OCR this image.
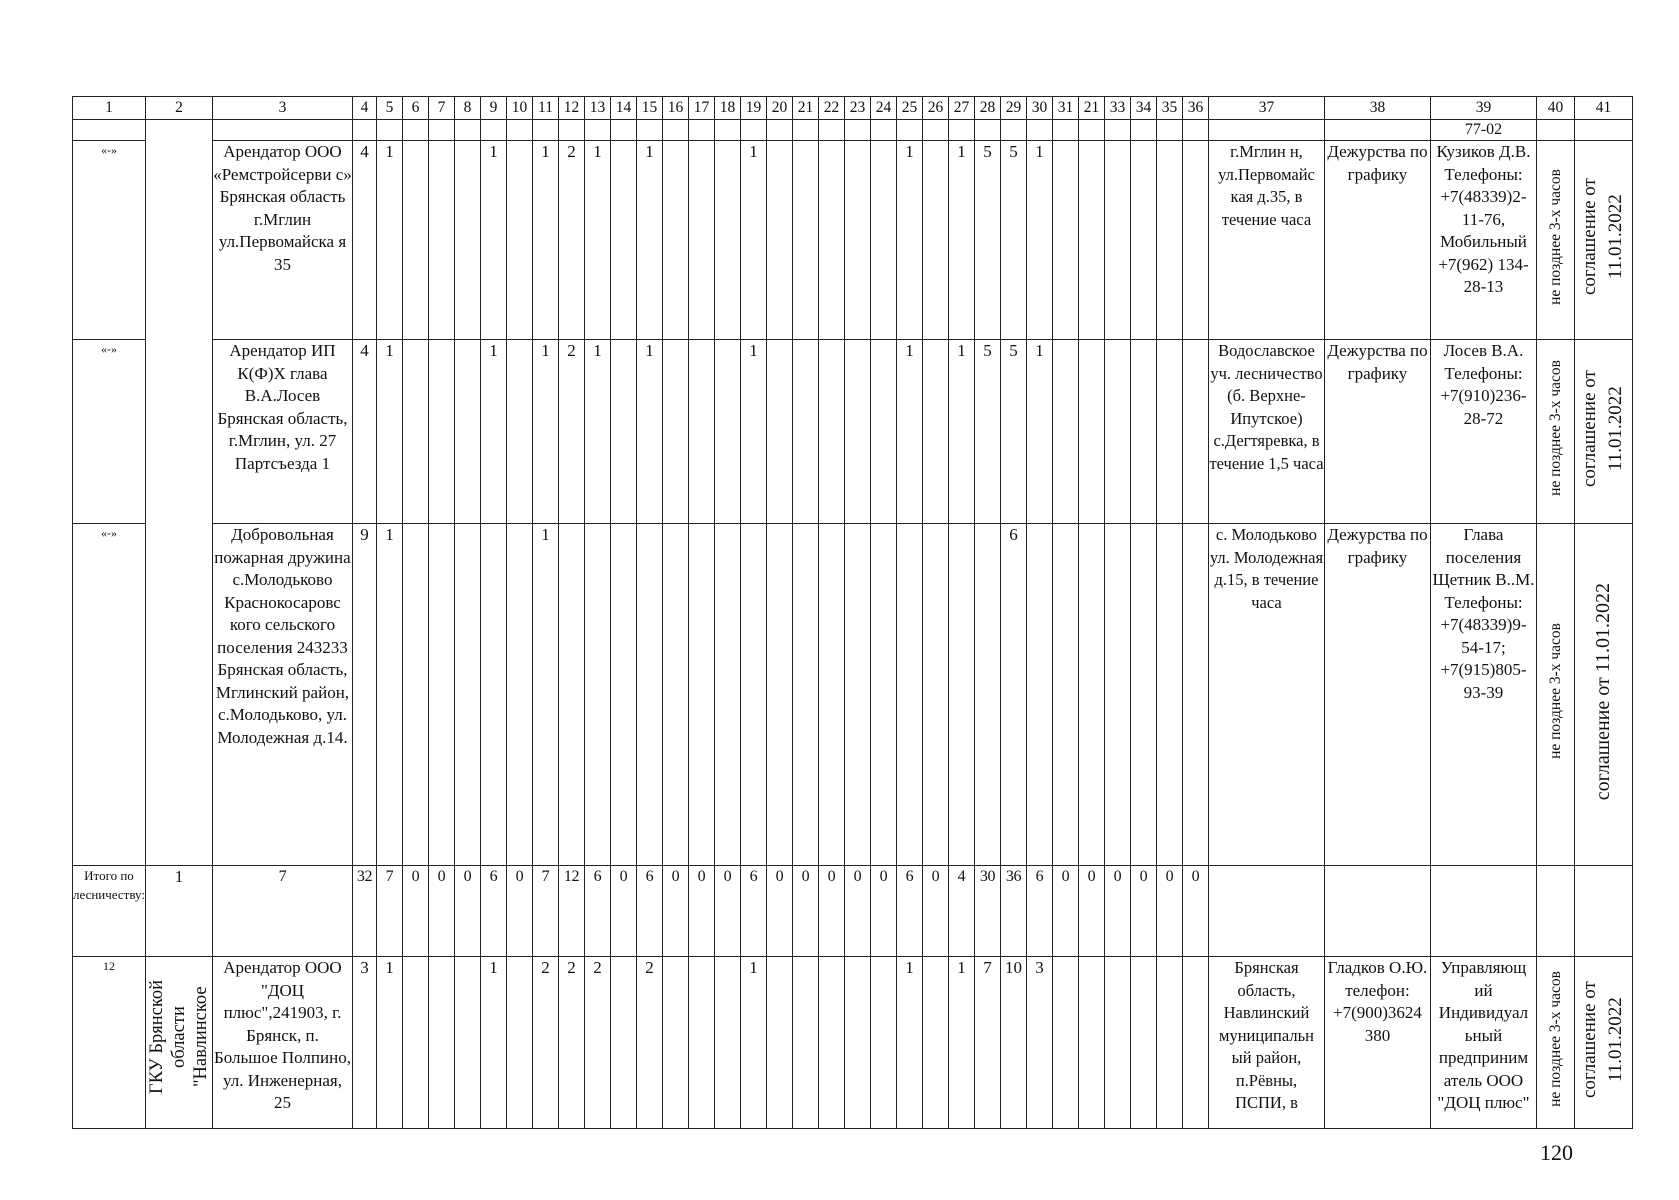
1	2	3	4	5	6	7	8	9	10	11	12	13	14	15	16	17	18	19	20	21	22	23	24	25	26	27	28	29	30	31	21	33	34	35	36	37	38	39	40	41
																																						77-02		
«-»		Арендатор ООО «Ремстройсерви с» Брянская область г.Мглин ул.Первомайска я 35	4	1				1		1	2	1		1				1						1		1	5	5	1							г.Мглин н, ул.Первомайс кая д.35, в течение часа	Дежурства по графику	Кузиков Д.В. Телефоны: +7(48339)2-11-76, Мобильный +7(962) 134-28-13	не позднее 3-х часов	соглашение от 11.01.2022
«-»		Арендатор ИП К(Ф)Х глава В.А.Лосев Брянская область, г.Мглин, ул. 27 Партсъезда 1	4	1				1		1	2	1		1				1						1		1	5	5	1							Водославское уч. лесничество (б. Верхне-Ипутское) с.Дегтяревка, в течение 1,5 часа	Дежурства по графику	Лосев В.А. Телефоны: +7(910)236-28-72	не позднее 3-х часов	соглашение от 11.01.2022
«-»		Добровольная пожарная дружина с.Молодьково Краснокосаровс кого сельского поселения 243233 Брянская область, Мглинский район, с.Молодьково, ул. Молодежная д.14.	9	1						1																		6								с. Молодьково ул. Молодежная д.15, в течение часа	Дежурства по графику	Глава поселения Щетник В..М. Телефоны: +7(48339)9-54-17; +7(915)805-93-39	не позднее 3-х часов	соглашение от 11.01.2022
Итого по лесничеству:	1	7	32	7	0	0	0	6	0	7	12	6	0	6	0	0	0	6	0	0	0	0	0	6	0	4	30	36	6	0	0	0	0	0	0					
12	ГКУ Брянской области "Навлинское	Арендатор ООО "ДОЦ плюс",241903, г. Брянск, п. Большое Полпино, ул. Инженерная, 25	3	1				1		2	2	2		2				1						1		1	7	10	3							Брянская область, Навлинский муниципальн ый район, п.Рёвны, ПСПИ, в	Гладков О.Ю. телефон: +7(900)3624 380	Управляющ ий Индивидуал ьный предприним атель ООО "ДОЦ плюс"	не позднее 3-х часов	соглашение от 11.01.2022
120
